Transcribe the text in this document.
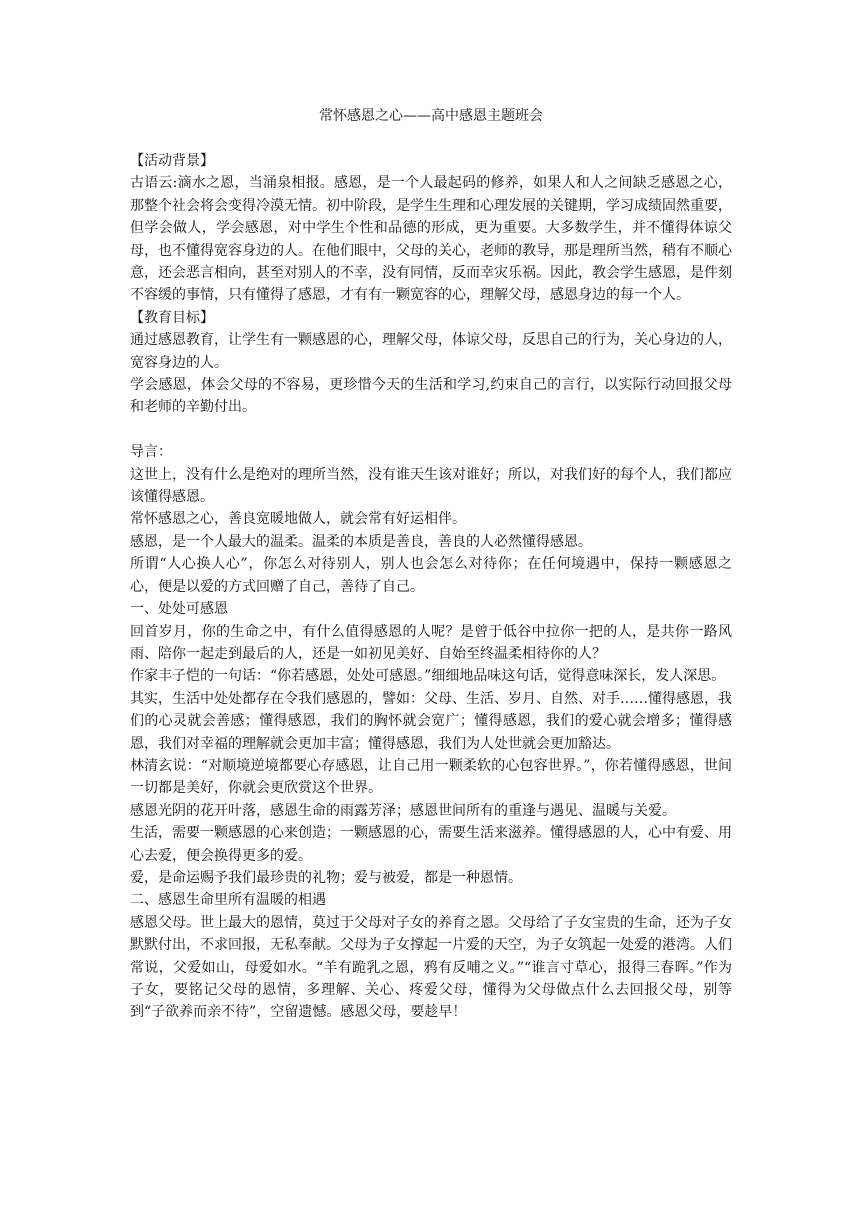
常怀感恩之心——高中感恩主题班会

【活动背景】

古语云:滴水之恩，当涌泉相报。感恩，是一个人最起码的修养，如果人和人之间缺乏感恩之心，那整个社会将会变得冷漠无情。初中阶段，是学生生理和心理发展的关键期，学习成绩固然重要，但学会做人，学会感恩，对中学生个性和品德的形成，更为重要。大多数学生，并不懂得体谅父母，也不懂得宽容身边的人。在他们眼中，父母的关心，老师的教导，那是理所当然，稍有不顺心意，还会恶言相向，甚至对别人的不幸，没有同情，反而幸灾乐祸。因此，教会学生感恩，是件刻不容缓的事情，只有懂得了感恩，才有有一颗宽容的心，理解父母，感恩身边的每一个人。

【教育目标】

通过感恩教育，让学生有一颗感恩的心，理解父母，体谅父母，反思自己的行为，关心身边的人，宽容身边的人。

学会感恩，体会父母的不容易，更珍惜今天的生活和学习,约束自己的言行，以实际行动回报父母和老师的辛勤付出。

导言：

这世上，没有什么是绝对的理所当然，没有谁天生该对谁好；所以，对我们好的每个人，我们都应该懂得感恩。

常怀感恩之心，善良宽暖地做人，就会常有好运相伴。

感恩，是一个人最大的温柔。温柔的本质是善良，善良的人必然懂得感恩。

所谓“人心换人心”，你怎么对待别人，别人也会怎么对待你；在任何境遇中，保持一颗感恩之心，便是以爱的方式回赠了自己，善待了自己。

一、处处可感恩

回首岁月，你的生命之中，有什么值得感恩的人呢？是曾于低谷中拉你一把的人，是共你一路风雨、陪你一起走到最后的人，还是一如初见美好、自始至终温柔相待你的人？

作家丰子恺的一句话：“你若感恩，处处可感恩。”细细地品味这句话，觉得意味深长，发人深思。

其实，生活中处处都存在令我们感恩的，譬如：父母、生活、岁月、自然、对手……懂得感恩，我们的心灵就会善感；懂得感恩，我们的胸怀就会宽广；懂得感恩，我们的爱心就会增多；懂得感恩，我们对幸福的理解就会更加丰富；懂得感恩，我们为人处世就会更加豁达。

林清玄说：“对顺境逆境都要心存感恩，让自己用一颗柔软的心包容世界。”，你若懂得感恩，世间一切都是美好，你就会更欣赏这个世界。

感恩光阴的花开叶落，感恩生命的雨露芳泽；感恩世间所有的重逢与遇见、温暖与关爱。

生活，需要一颗感恩的心来创造；一颗感恩的心，需要生活来滋养。懂得感恩的人，心中有爱、用心去爱，便会换得更多的爱。

爱，是命运赐予我们最珍贵的礼物；爱与被爱，都是一种恩情。

二、感恩生命里所有温暖的相遇

感恩父母。世上最大的恩情，莫过于父母对子女的养育之恩。父母给了子女宝贵的生命，还为子女默默付出，不求回报，无私奉献。父母为子女撑起一片爱的天空，为子女筑起一处爱的港湾。人们常说，父爱如山，母爱如水。“羊有跪乳之恩，鸦有反哺之义。”“谁言寸草心，报得三春晖。”作为子女，要铭记父母的恩情，多理解、关心、疼爱父母，懂得为父母做点什么去回报父母，别等到“子欲养而亲不待”，空留遗憾。感恩父母，要趁早！
